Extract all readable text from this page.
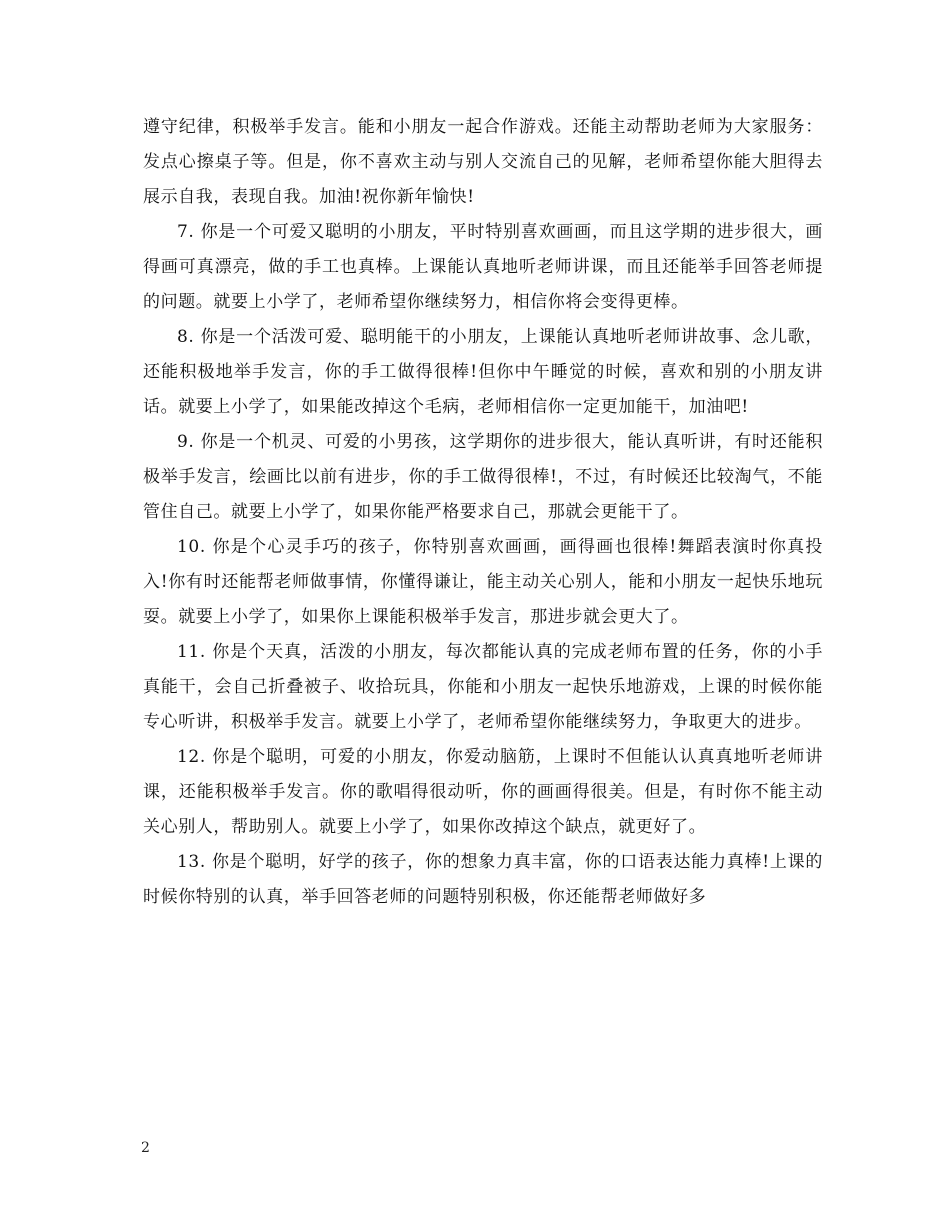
遵守纪律，积极举手发言。能和小朋友一起合作游戏。还能主动帮助老师为大家服务：发点心擦桌子等。但是，你不喜欢主动与别人交流自己的见解，老师希望你能大胆得去展示自我，表现自我。加油!祝你新年愉快!

7. 你是一个可爱又聪明的小朋友，平时特别喜欢画画，而且这学期的进步很大，画得画可真漂亮，做的手工也真棒。上课能认真地听老师讲课，而且还能举手回答老师提的问题。就要上小学了，老师希望你继续努力，相信你将会变得更棒。

8. 你是一个活泼可爱、聪明能干的小朋友，上课能认真地听老师讲故事、念儿歌，还能积极地举手发言，你的手工做得很棒!但你中午睡觉的时候，喜欢和别的小朋友讲话。就要上小学了，如果能改掉这个毛病，老师相信你一定更加能干，加油吧!

9. 你是一个机灵、可爱的小男孩，这学期你的进步很大，能认真听讲，有时还能积极举手发言，绘画比以前有进步，你的手工做得很棒!，不过，有时候还比较淘气，不能管住自己。就要上小学了，如果你能严格要求自己，那就会更能干了。

10. 你是个心灵手巧的孩子，你特别喜欢画画，画得画也很棒!舞蹈表演时你真投入!你有时还能帮老师做事情，你懂得谦让，能主动关心别人，能和小朋友一起快乐地玩耍。就要上小学了，如果你上课能积极举手发言，那进步就会更大了。

11. 你是个天真，活泼的小朋友，每次都能认真的完成老师布置的任务，你的小手真能干，会自己折叠被子、收拾玩具，你能和小朋友一起快乐地游戏，上课的时候你能专心听讲，积极举手发言。就要上小学了，老师希望你能继续努力，争取更大的进步。

12. 你是个聪明，可爱的小朋友，你爱动脑筋，上课时不但能认认真真地听老师讲课，还能积极举手发言。你的歌唱得很动听，你的画画得很美。但是，有时你不能主动关心别人，帮助别人。就要上小学了，如果你改掉这个缺点，就更好了。

13. 你是个聪明，好学的孩子，你的想象力真丰富，你的口语表达能力真棒!上课的时候你特别的认真，举手回答老师的问题特别积极，你还能帮老师做好多

2
